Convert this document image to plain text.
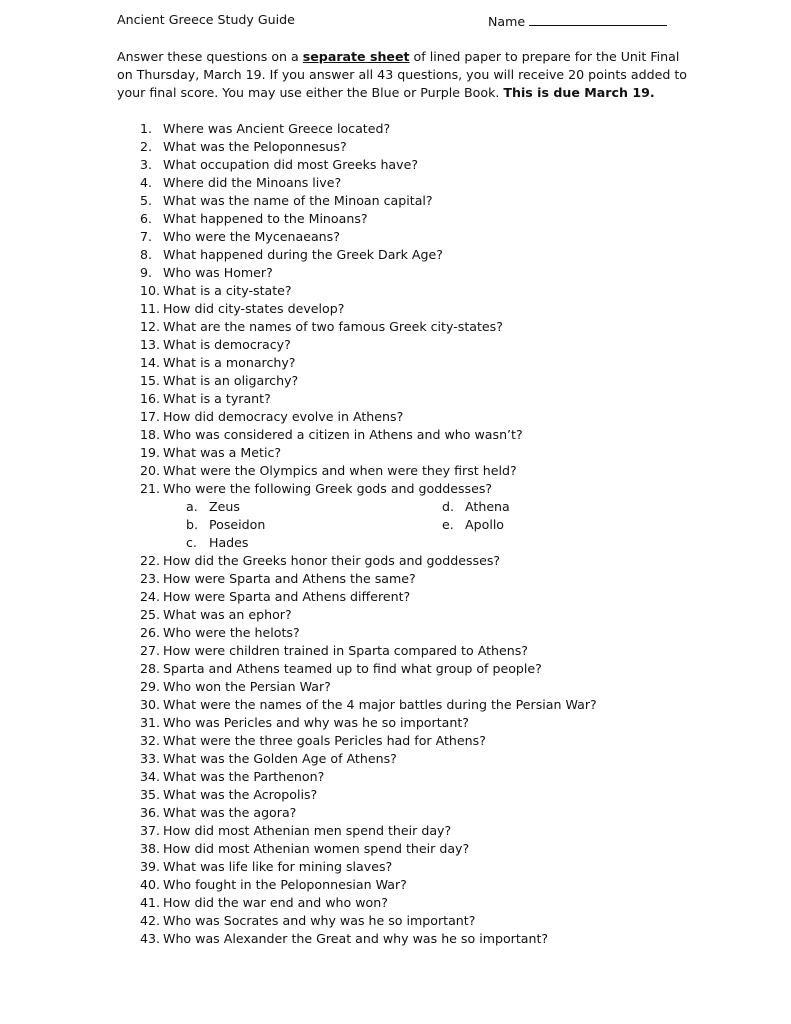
Ancient Greece Study Guide	Name
Answer these questions on a separate sheet of lined paper to prepare for the Unit Final on Thursday, March 19. If you answer all 43 questions, you will receive 20 points added to your final score. You may use either the Blue or Purple Book. This is due March 19.
1. Where was Ancient Greece located?
2. What was the Peloponnesus?
3. What occupation did most Greeks have?
4. Where did the Minoans live?
5. What was the name of the Minoan capital?
6. What happened to the Minoans?
7. Who were the Mycenaeans?
8. What happened during the Greek Dark Age?
9. Who was Homer?
10. What is a city-state?
11. How did city-states develop?
12. What are the names of two famous Greek city-states?
13. What is democracy?
14. What is a monarchy?
15. What is an oligarchy?
16. What is a tyrant?
17. How did democracy evolve in Athens?
18. Who was considered a citizen in Athens and who wasn’t?
19. What was a Metic?
20. What were the Olympics and when were they first held?
21. Who were the following Greek gods and goddesses?
a. Zeus	d. Athena
b. Poseidon	e. Apollo
c. Hades
22. How did the Greeks honor their gods and goddesses?
23. How were Sparta and Athens the same?
24. How were Sparta and Athens different?
25. What was an ephor?
26. Who were the helots?
27. How were children trained in Sparta compared to Athens?
28. Sparta and Athens teamed up to find what group of people?
29. Who won the Persian War?
30. What were the names of the 4 major battles during the Persian War?
31. Who was Pericles and why was he so important?
32. What were the three goals Pericles had for Athens?
33. What was the Golden Age of Athens?
34. What was the Parthenon?
35. What was the Acropolis?
36. What was the agora?
37. How did most Athenian men spend their day?
38. How did most Athenian women spend their day?
39. What was life like for mining slaves?
40. Who fought in the Peloponnesian War?
41. How did the war end and who won?
42. Who was Socrates and why was he so important?
43. Who was Alexander the Great and why was he so important?
